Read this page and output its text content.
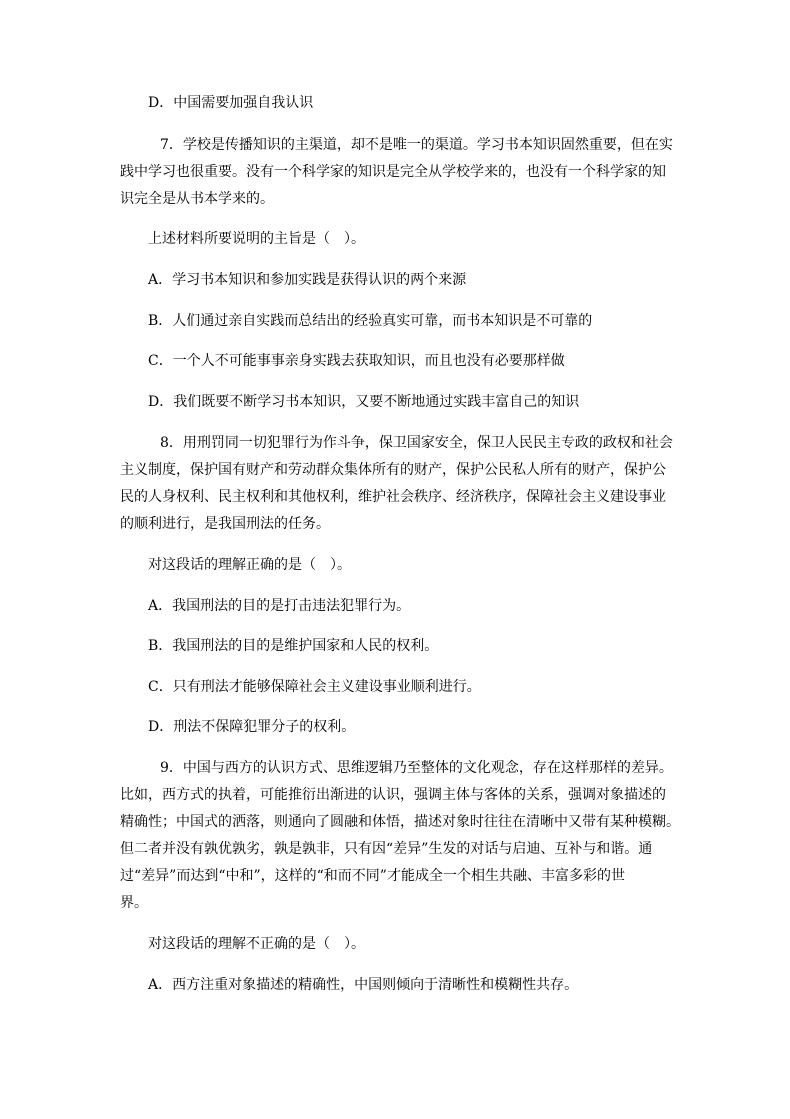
D．中国需要加强自我认识
7．学校是传播知识的主渠道，却不是唯一的渠道。学习书本知识固然重要，但在实
践中学习也很重要。没有一个科学家的知识是完全从学校学来的，也没有一个科学家的知
识完全是从书本学来的。
上述材料所要说明的主旨是（　）。
A．学习书本知识和参加实践是获得认识的两个来源
B．人们通过亲自实践而总结出的经验真实可靠，而书本知识是不可靠的
C．一个人不可能事事亲身实践去获取知识，而且也没有必要那样做
D．我们既要不断学习书本知识，又要不断地通过实践丰富自己的知识
8．用刑罚同一切犯罪行为作斗争，保卫国家安全，保卫人民民主专政的政权和社会
主义制度，保护国有财产和劳动群众集体所有的财产，保护公民私人所有的财产，保护公
民的人身权利、民主权利和其他权利，维护社会秩序、经济秩序，保障社会主义建设事业
的顺利进行，是我国刑法的任务。
对这段话的理解正确的是（　）。
A．我国刑法的目的是打击违法犯罪行为。
B．我国刑法的目的是维护国家和人民的权利。
C．只有刑法才能够保障社会主义建设事业顺利进行。
D．刑法不保障犯罪分子的权利。
9．中国与西方的认识方式、思维逻辑乃至整体的文化观念，存在这样那样的差异。
比如，西方式的执着，可能推衍出渐进的认识，强调主体与客体的关系，强调对象描述的
精确性；中国式的洒落，则通向了圆融和体悟，描述对象时往往在清晰中又带有某种模糊。
但二者并没有孰优孰劣，孰是孰非，只有因“差异”生发的对话与启迪、互补与和谐。通
过“差异”而达到“中和”，这样的“和而不同”才能成全一个相生共融、丰富多彩的世
界。
对这段话的理解不正确的是（　）。
A．西方注重对象描述的精确性，中国则倾向于清晰性和模糊性共存。
